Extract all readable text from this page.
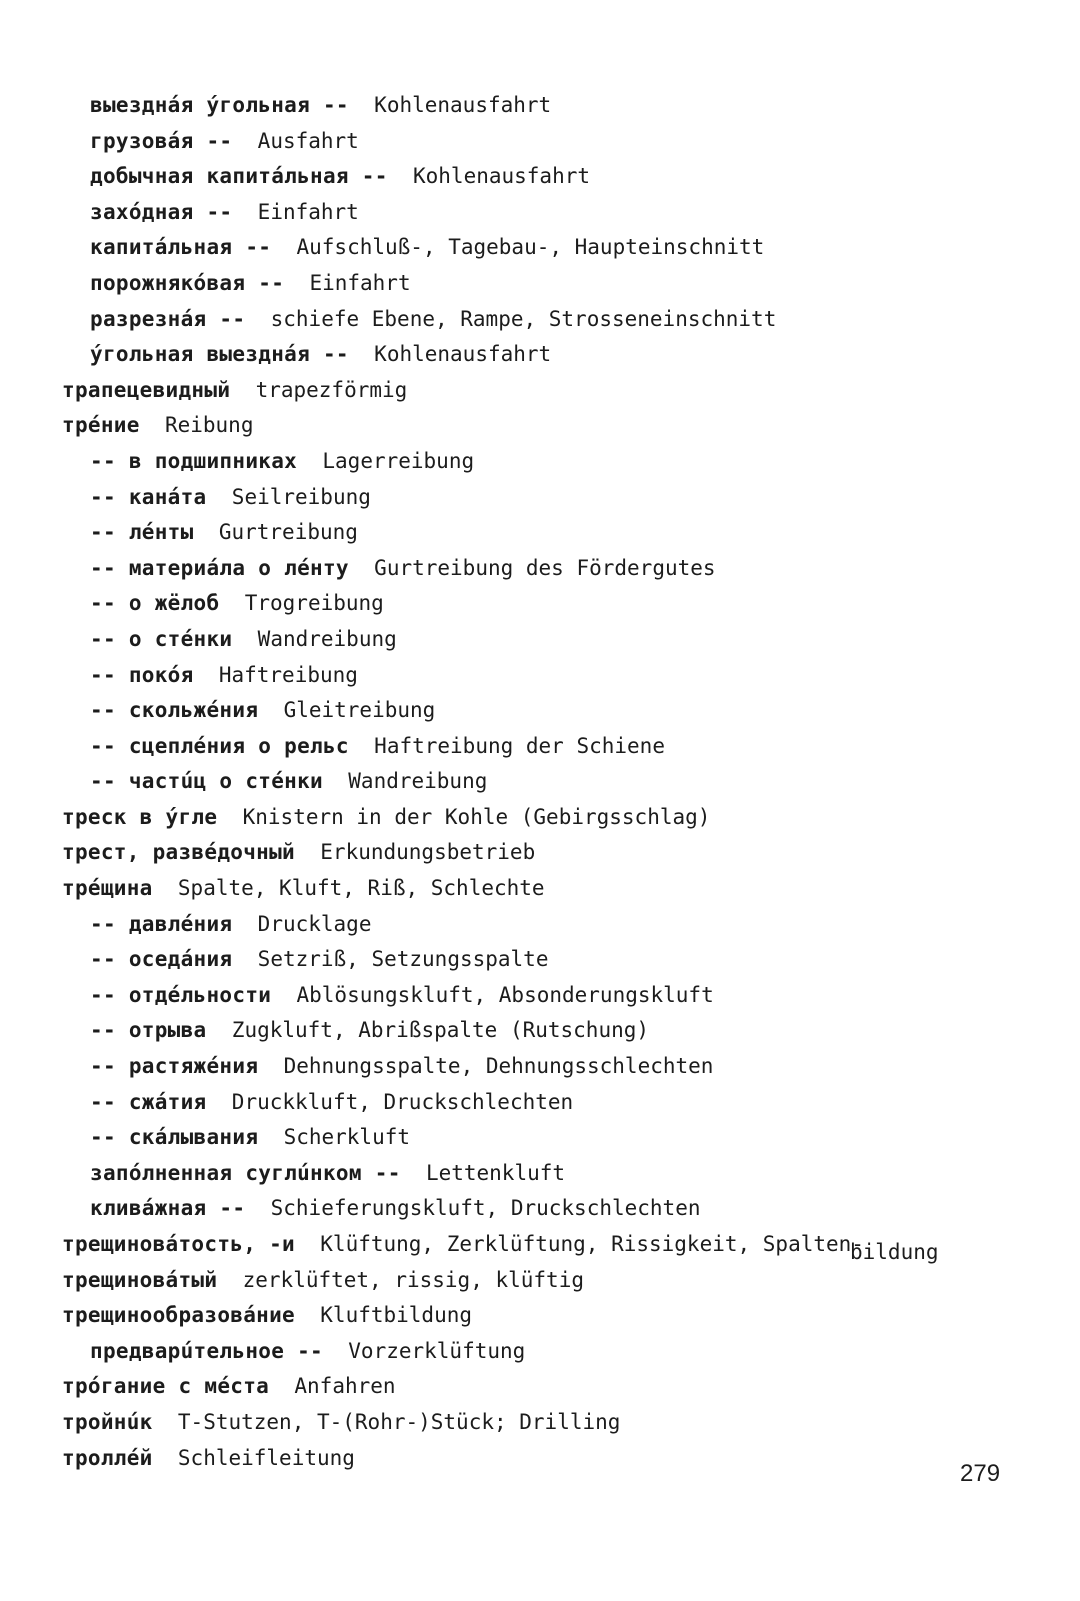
выезднáя ýгольная -- Kohlenausfahrt
грузовáя -- Ausfahrt
добычная капитáльная -- Kohlenausfahrt
захóдная -- Einfahrt
капитáльная -- Aufschluß-, Tagebau-, Haupteinschnitt
порожнякóвая -- Einfahrt
разрезнáя -- schiefe Ebene, Rampe, Strosseneinschnitt
ýгольная выезднáя -- Kohlenausfahrt
трапецевидный trapezförmig
трéние Reibung
-- в подшипниках Lagerreibung
-- канáта Seilreibung
-- лéнты Gurtreibung
-- материáла о лéнту Gurtreibung des Fördergutes
-- о жёлоб Trogreibung
-- о стéнки Wandreibung
-- покóя Haftreibung
-- скольжéния Gleitreibung
-- сцеплéния о рельс Haftreibung der Schiene
-- частúц о стéнки Wandreibung
треск в ýгле Knistern in der Kohle (Gebirgsschlag)
трест, развéдочный Erkundungsbetrieb
трéщина Spalte, Kluft, Riß, Schlechte
-- давлéния Drucklage
-- оседáния Setzriß, Setzungsspalte
-- отдéльности Ablösungskluft, Absonderungskluft
-- отрыва Zugkluft, Abrißspalte (Rutschung)
-- растяжéния Dehnungsspalte, Dehnungsschlechten
-- сжáтия Druckkluft, Druckschlechten
-- скáлывания Scherkluft
запóлненная суглúнком -- Lettenkluft
кливáжная -- Schieferungskluft, Druckschlechten
трещиновáтость, -и Klüftung, Zerklüftung, Rissigkeit, Spalten-
трещиновáтый zerklüftet, rissig, klüftig
трещинообразовáние Kluftbildung
предварúтельное -- Vorzerklüftung
трóгание с мéста Anfahren
тройнúк T-Stutzen, T-(Rohr-)Stück; Drilling
троллéй Schleifleitung
bildung
279
